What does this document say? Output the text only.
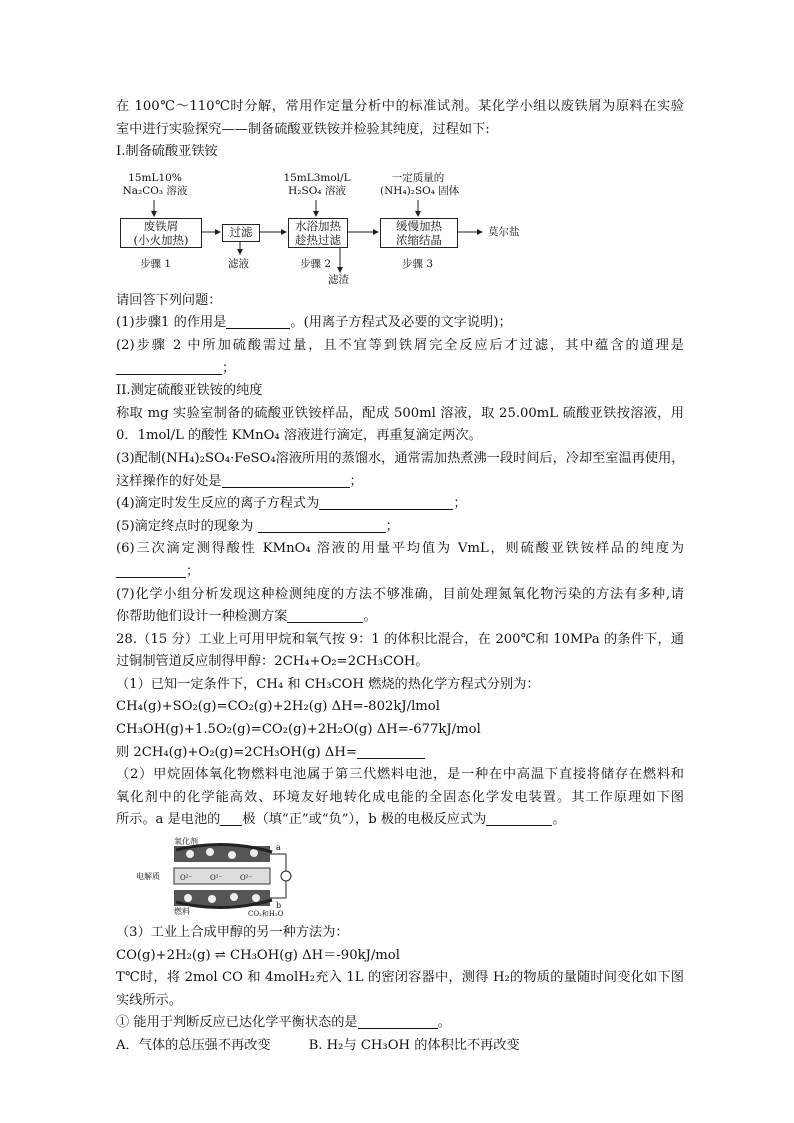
在 100℃～110℃时分解，常用作定量分析中的标准试剂。某化学小组以废铁屑为原料在实验
室中进行实验探究——制备硫酸亚铁铵并检验其纯度，过程如下:
I.制备硫酸亚铁铵
15mL10%
Na₂CO₃ 溶液
15mL3mol/L
H₂SO₄ 溶液
一定质量的
(NH₄)₂SO₄ 固体
废铁屑
(小火加热)
过滤	水浴加热
趁热过滤
缓慢加热
浓缩结晶
莫尔盐
滤液
滤渣
步骤 1	步骤 2	步骤 3
请回答下列问题：
(1)步骤1 的作用是	。(用离子方程式及必要的文字说明)；
(2)步骤 2 中所加硫酸需过量，且不宜等到铁屑完全反应后才过滤，其中蕴含的道理是
；
II.测定硫酸亚铁铵的纯度
称取 mg 实验室制备的硫酸亚铁铵样品，配成 500ml 溶液，取 25.00mL 硫酸亚铁按溶液，用
0．1mol/L 的酸性 KMnO₄ 溶液进行滴定，再重复滴定两次。
(3)配制(NH₄)₂SO₄·FeSO₄溶液所用的蒸馏水，通常需加热煮沸一段时间后，冷却至室温再使用，
这样操作的好处是	；
(4)滴定时发生反应的离子方程式为	；
(5)滴定终点时的现象为	；
(6)三次滴定测得酸性 KMnO₄ 溶液的用量平均值为 VmL，则硫酸亚铁铵样品的纯度为
；
(7)化学小组分析发现这种检测纯度的方法不够准确，目前处理氮氧化物污染的方法有多种,请
你帮助他们设计一种检测方案	。
28.（15 分）工业上可用甲烷和氧气按 9：1 的体积比混合，在 200℃和 10MPa 的条件下，通
过铜制管道反应制得甲醇：2CH₄+O₂=2CH₃COH。
（1）已知一定条件下，CH₄ 和 CH₃COH 燃烧的热化学方程式分别为：
CH₄(g)+SO₂(g)=CO₂(g)+2H₂(g) ΔH=-802kJ/lmol
CH₃OH(g)+1.5O₂(g)=CO₂(g)+2H₂O(g) ΔH=-677kJ/mol
则 2CH₄(g)+O₂(g)=2CH₃OH(g) ΔH=
（2）甲烷固体氧化物燃料电池属于第三代燃料电池，是一种在中高温下直接将储存在燃料和
氧化剂中的化学能高效、环境友好地转化成电能的全固态化学发电装置。其工作原理如下图
所示。a 是电池的 极（填“正”或“负”），b 极的电极反应式为	。
氧化剂
电解质	O²⁻	O²⁻	O²⁻
燃料	CO₂和H₂O
a
b
（3）工业上合成甲醇的另一种方法为：
CO(g)+2H₂(g) ⇌ CH₃OH(g) ΔH＝-90kJ/mol
T℃时，将 2mol CO 和 4molH₂充入 1L 的密闭容器中，测得 H₂的物质的量随时间变化如下图
实线所示。
① 能用于判断反应已达化学平衡状态的是	。
A．气体的总压强不再改变	B. H₂与 CH₃OH 的体积比不再改变
